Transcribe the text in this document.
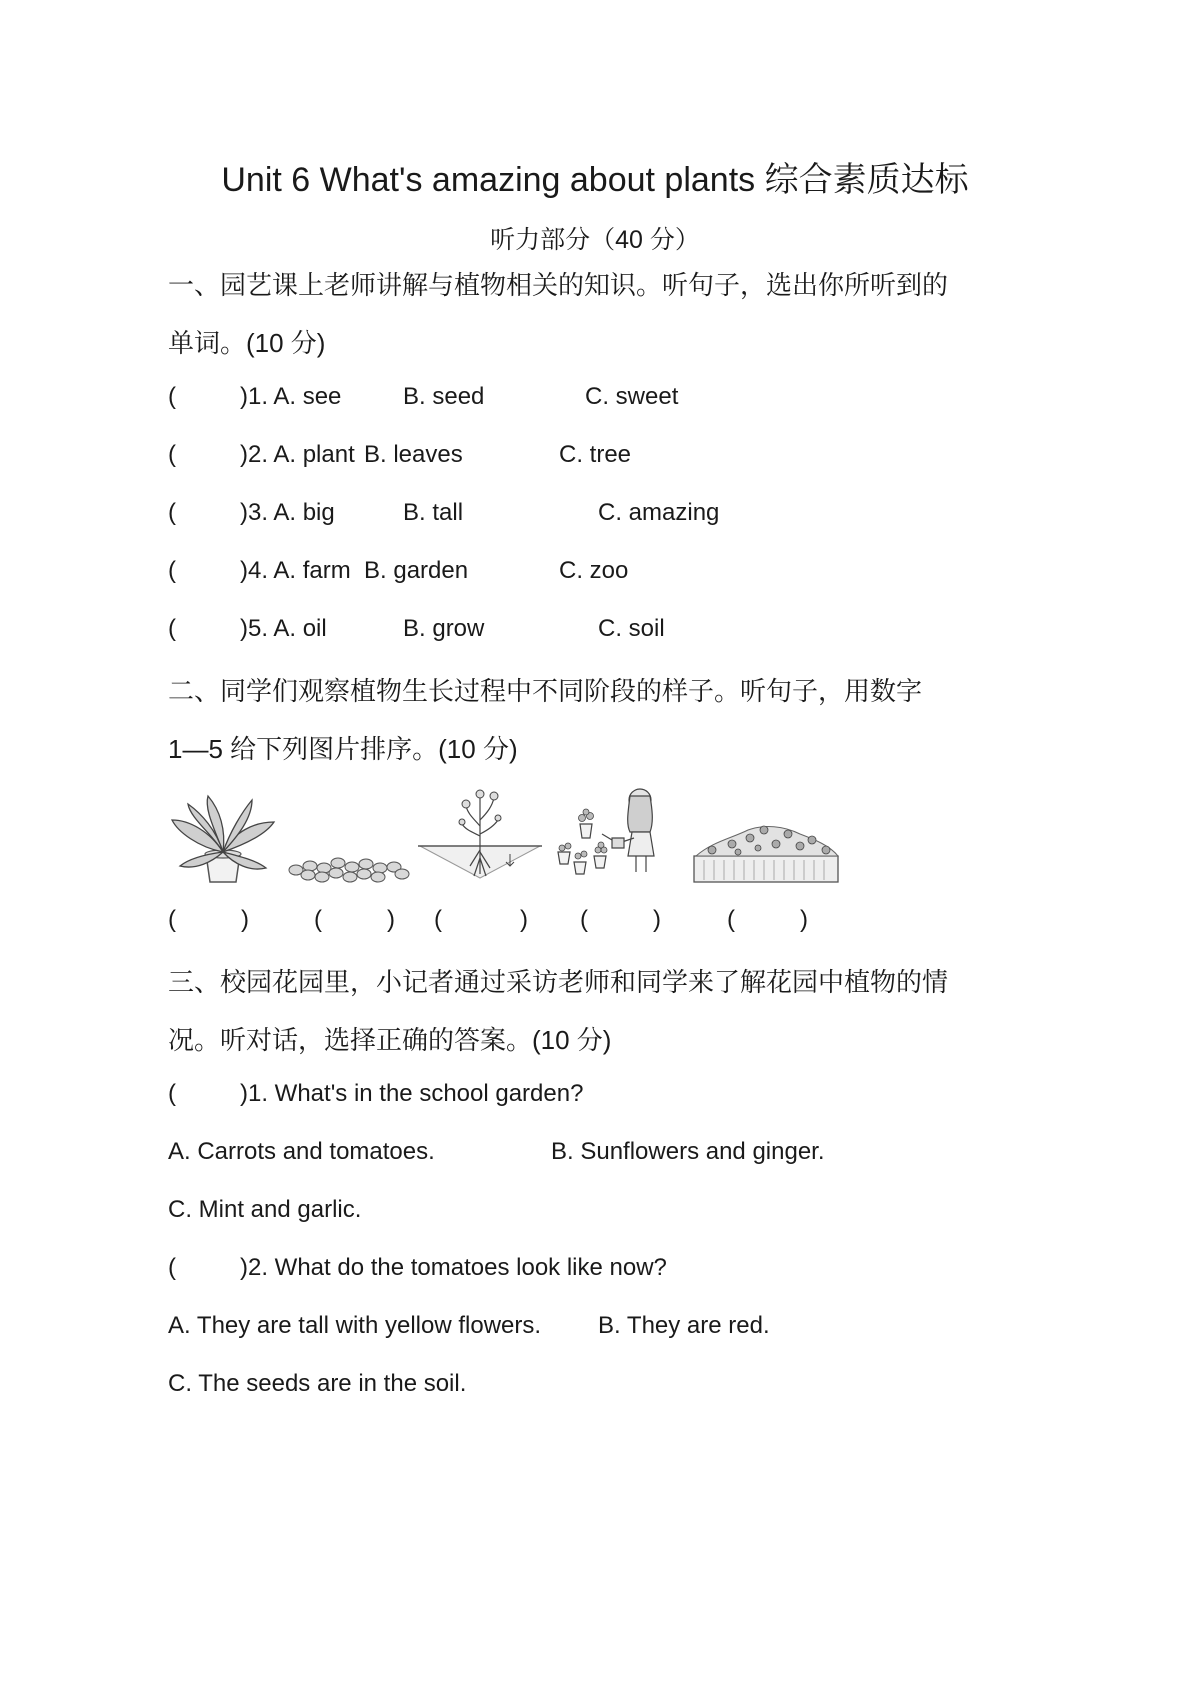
Unit 6 What's amazing about plants 综合素质达标
听力部分（40 分）
一、园艺课上老师讲解与植物相关的知识。听句子，选出你所听到的
单词。(10 分)
(	)1. A. see	B. seed	C. sweet
(	)2. A. plant B. leaves	C. tree
(	)3. A. big	B. tall	C. amazing
(	)4. A. farm B. garden	C. zoo
(	)5. A. oil	B. grow	C. soil
二、同学们观察植物生长过程中不同阶段的样子。听句子，用数字
1—5 给下列图片排序。(10 分)
(	)	(	) (	) (	)	(	)
三、校园花园里，小记者通过采访老师和同学来了解花园中植物的情
况。听对话，选择正确的答案。(10 分)
(	)1. What's in the school garden?
A. Carrots and tomatoes.	B. Sunflowers and ginger.
C. Mint and garlic.
(	)2. What do the tomatoes look like now?
A. They are tall with yellow flowers. B. They are red.
C. The seeds are in the soil.
